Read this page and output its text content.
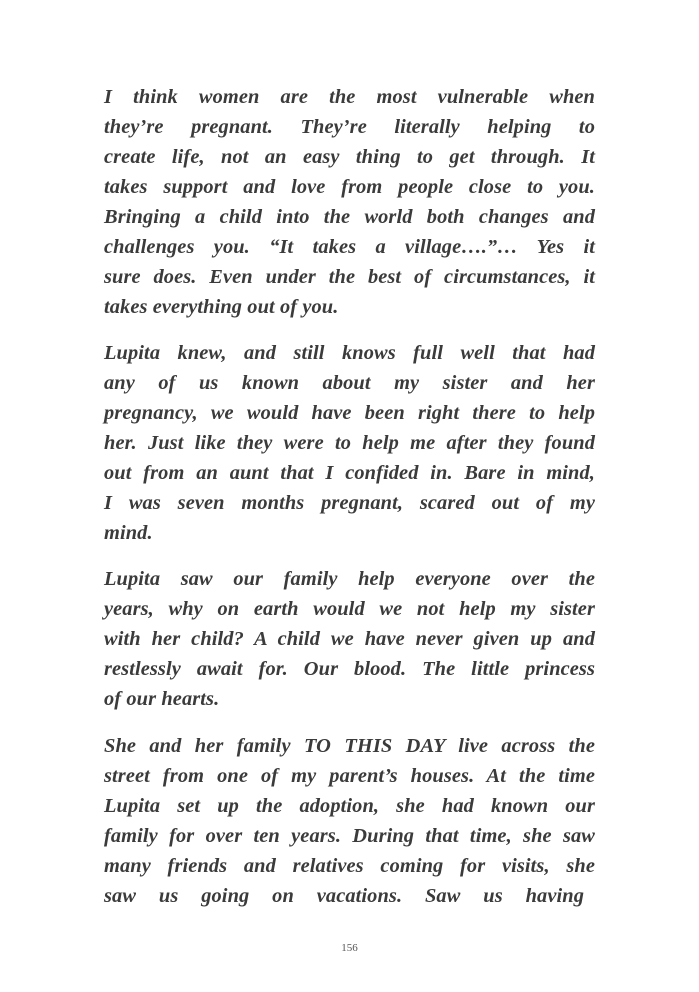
I think women are the most vulnerable when
they’re pregnant. They’re literally helping to
create life, not an easy thing to get through. It
takes support and love from people close to you.
Bringing a child into the world both changes and
challenges you. “It takes a village….”… Yes it
sure does. Even under the best of circumstances, it
takes everything out of you.

Lupita knew, and still knows full well that had
any of us known about my sister and her
pregnancy, we would have been right there to help
her. Just like they were to help me after they found
out from an aunt that I confided in. Bare in mind,
I was seven months pregnant, scared out of my
mind.

Lupita saw our family help everyone over the
years, why on earth would we not help my sister
with her child? A child we have never given up and
restlessly await for. Our blood. The little princess
of our hearts.

She and her family TO THIS DAY live across the
street from one of my parent’s houses. At the time
Lupita set up the adoption, she had known our
family for over ten years. During that time, she saw
many friends and relatives coming for visits, she
saw us going on vacations. Saw us having

156
